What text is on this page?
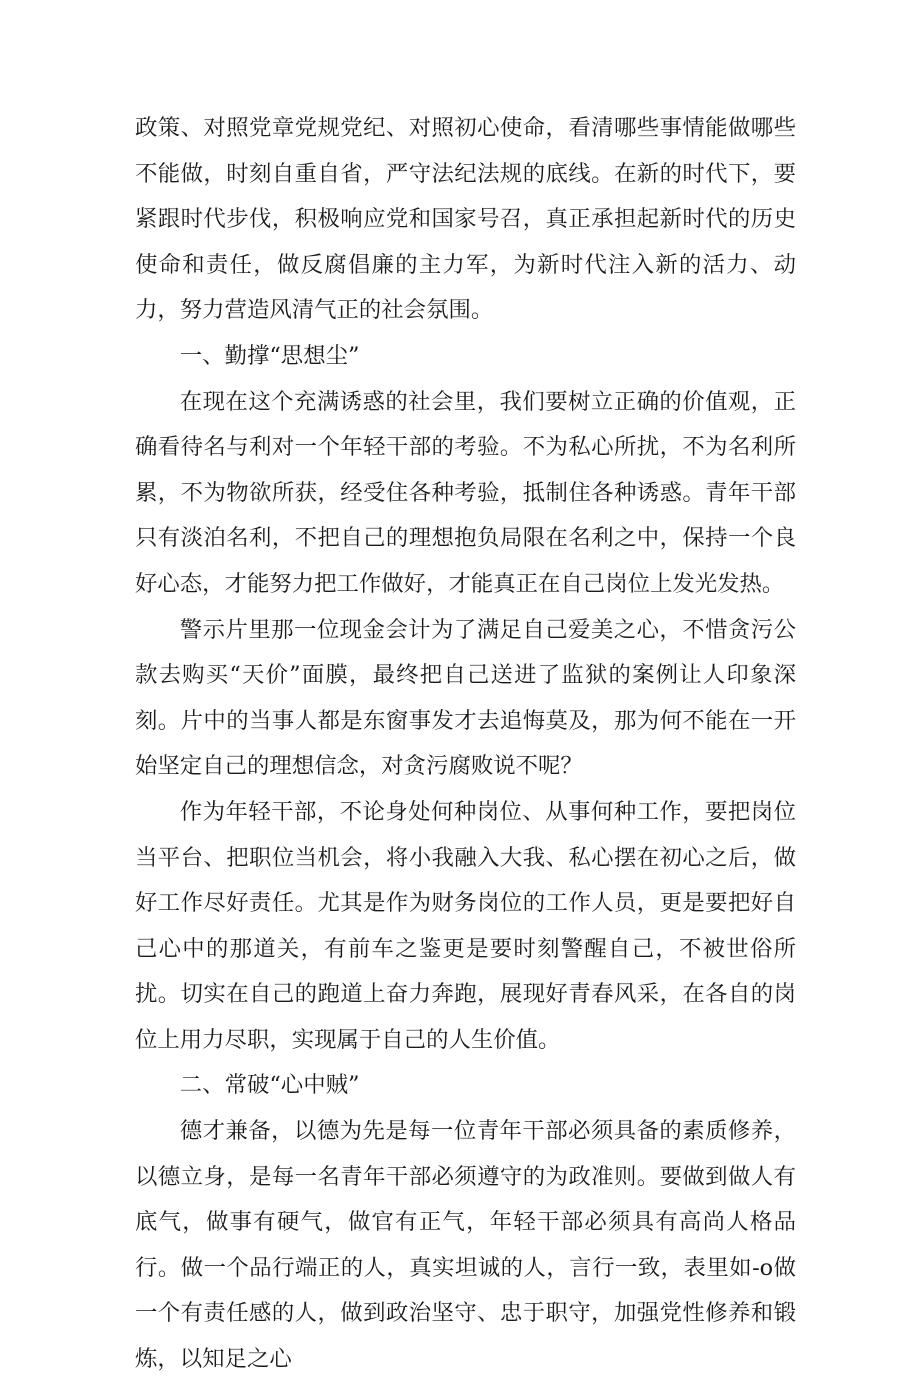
政策、对照党章党规党纪、对照初心使命，看清哪些事情能做哪些不能做，时刻自重自省，严守法纪法规的底线。在新的时代下，要紧跟时代步伐，积极响应党和国家号召，真正承担起新时代的历史使命和责任，做反腐倡廉的主力军，为新时代注入新的活力、动力，努力营造风清气正的社会氛围。

一、勤撑“思想尘”

在现在这个充满诱惑的社会里，我们要树立正确的价值观，正确看待名与利对一个年轻干部的考验。不为私心所扰，不为名利所累，不为物欲所获，经受住各种考验，抵制住各种诱惑。青年干部只有淡泊名利，不把自己的理想抱负局限在名利之中，保持一个良好心态，才能努力把工作做好，才能真正在自己岗位上发光发热。

警示片里那一位现金会计为了满足自己爱美之心，不惜贪污公款去购买“天价”面膜，最终把自己送进了监狱的案例让人印象深刻。片中的当事人都是东窗事发才去追悔莫及，那为何不能在一开始坚定自己的理想信念，对贪污腐败说不呢？

作为年轻干部，不论身处何种岗位、从事何种工作，要把岗位当平台、把职位当机会，将小我融入大我、私心摆在初心之后，做好工作尽好责任。尤其是作为财务岗位的工作人员，更是要把好自己心中的那道关，有前车之鉴更是要时刻警醒自己，不被世俗所扰。切实在自己的跑道上奋力奔跑，展现好青春风采，在各自的岗位上用力尽职，实现属于自己的人生价值。

二、常破“心中贼”

德才兼备，以德为先是每一位青年干部必须具备的素质修养，以德立身，是每一名青年干部必须遵守的为政准则。要做到做人有底气，做事有硬气，做官有正气，年轻干部必须具有高尚人格品行。做一个品行端正的人，真实坦诚的人，言行一致，表里如-o做一个有责任感的人，做到政治坚守、忠于职守，加强党性修养和锻炼，以知足之心
